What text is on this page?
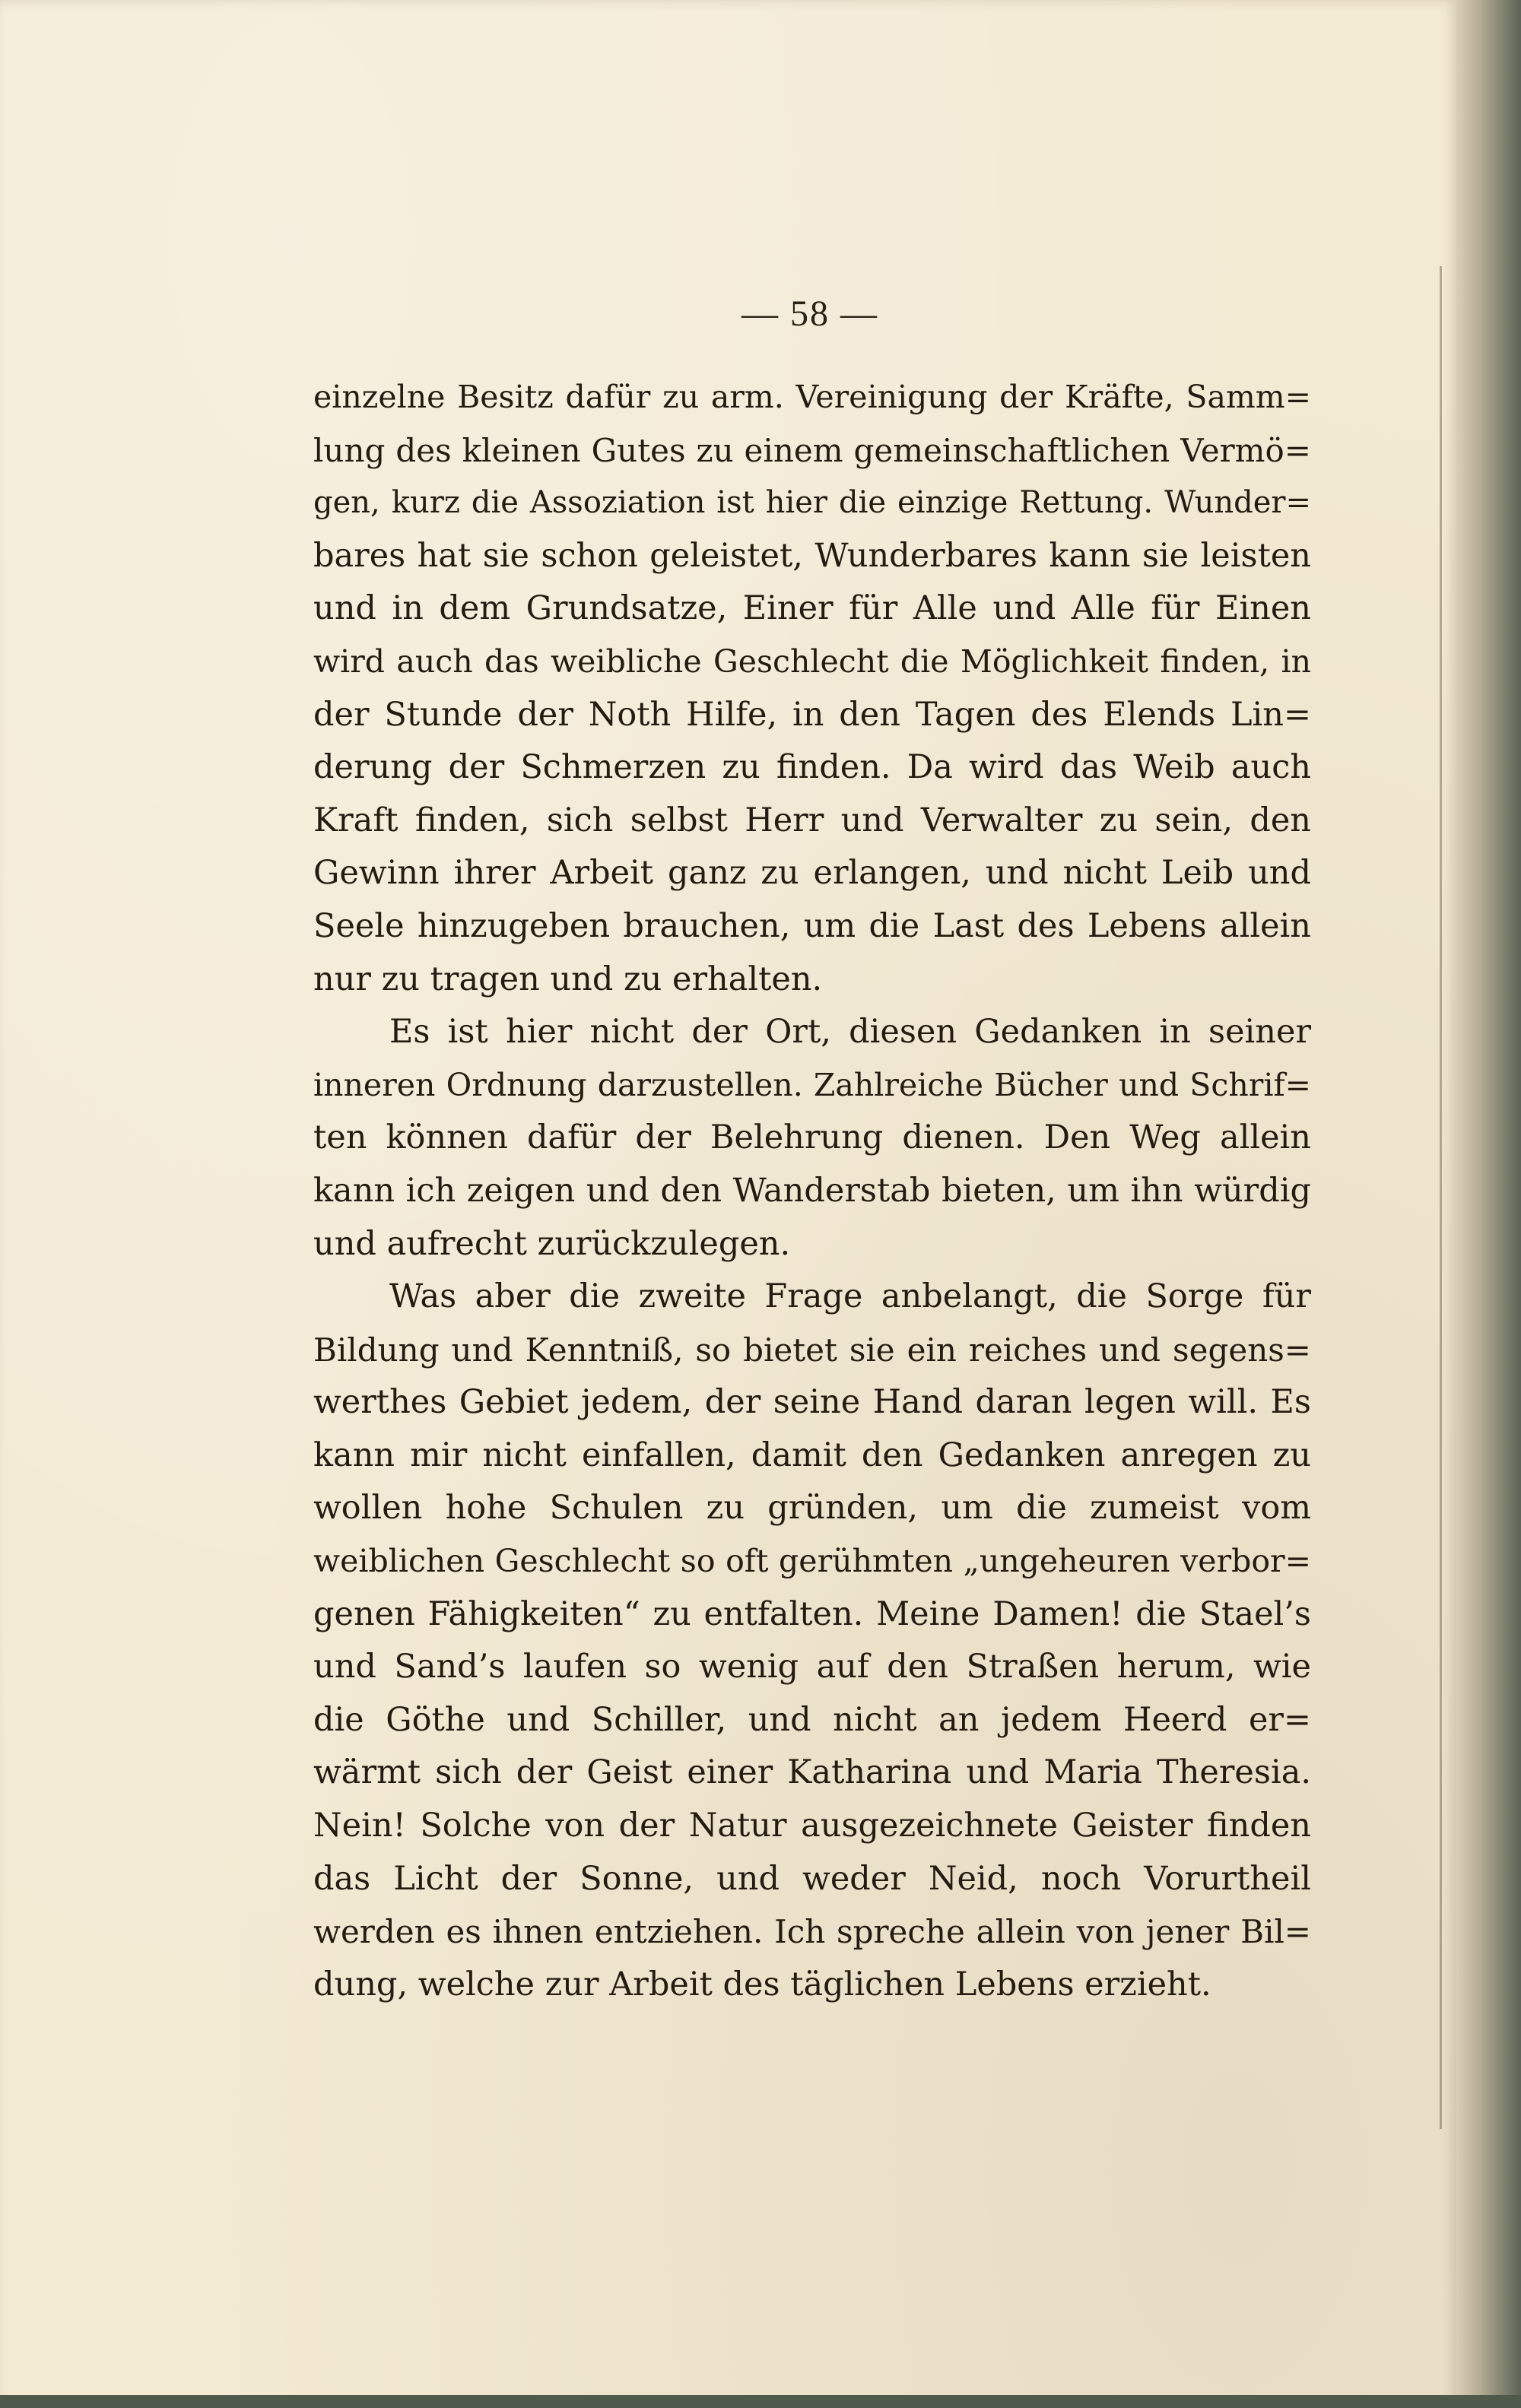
— 58 —
einzelne Besitz dafür zu arm. Vereinigung der Kräfte, Samm=
lung des kleinen Gutes zu einem gemeinschaftlichen Vermö=
gen, kurz die Assoziation ist hier die einzige Rettung. Wunder=
bares hat sie schon geleistet, Wunderbares kann sie leisten
und in dem Grundsatze, Einer für Alle und Alle für Einen
wird auch das weibliche Geschlecht die Möglichkeit finden, in
der Stunde der Noth Hilfe, in den Tagen des Elends Lin=
derung der Schmerzen zu finden. Da wird das Weib auch
Kraft finden, sich selbst Herr und Verwalter zu sein, den
Gewinn ihrer Arbeit ganz zu erlangen, und nicht Leib und
Seele hinzugeben brauchen, um die Last des Lebens allein
nur zu tragen und zu erhalten.
Es ist hier nicht der Ort, diesen Gedanken in seiner
inneren Ordnung darzustellen. Zahlreiche Bücher und Schrif=
ten können dafür der Belehrung dienen. Den Weg allein
kann ich zeigen und den Wanderstab bieten, um ihn würdig
und aufrecht zurückzulegen.
Was aber die zweite Frage anbelangt, die Sorge für
Bildung und Kenntniß, so bietet sie ein reiches und segens=
werthes Gebiet jedem, der seine Hand daran legen will. Es
kann mir nicht einfallen, damit den Gedanken anregen zu
wollen hohe Schulen zu gründen, um die zumeist vom
weiblichen Geschlecht so oft gerühmten „ungeheuren verbor=
genen Fähigkeiten“ zu entfalten. Meine Damen! die Stael’s
und Sand’s laufen so wenig auf den Straßen herum, wie
die Göthe und Schiller, und nicht an jedem Heerd er=
wärmt sich der Geist einer Katharina und Maria Theresia.
Nein! Solche von der Natur ausgezeichnete Geister finden
das Licht der Sonne, und weder Neid, noch Vorurtheil
werden es ihnen entziehen. Ich spreche allein von jener Bil=
dung, welche zur Arbeit des täglichen Lebens erzieht.
